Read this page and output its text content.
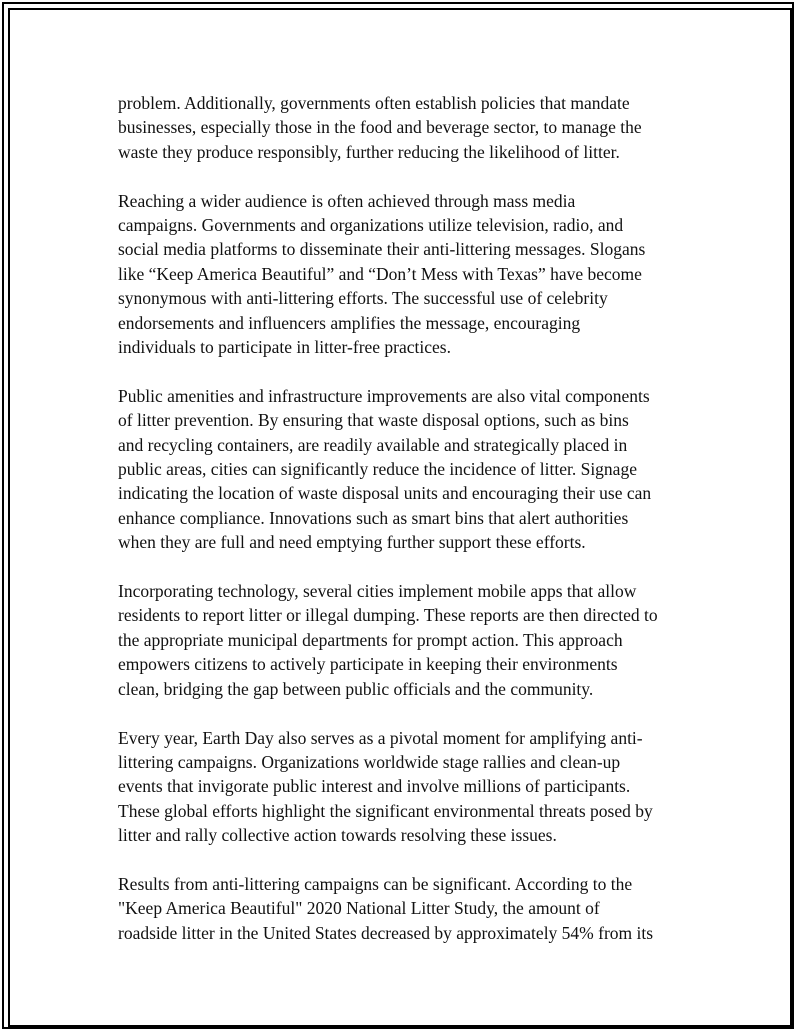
problem. Additionally, governments often establish policies that mandate
businesses, especially those in the food and beverage sector, to manage the
waste they produce responsibly, further reducing the likelihood of litter.

Reaching a wider audience is often achieved through mass media
campaigns. Governments and organizations utilize television, radio, and
social media platforms to disseminate their anti-littering messages. Slogans
like “Keep America Beautiful” and “Don’t Mess with Texas” have become
synonymous with anti-littering efforts. The successful use of celebrity
endorsements and influencers amplifies the message, encouraging
individuals to participate in litter-free practices.

Public amenities and infrastructure improvements are also vital components
of litter prevention. By ensuring that waste disposal options, such as bins
and recycling containers, are readily available and strategically placed in
public areas, cities can significantly reduce the incidence of litter. Signage
indicating the location of waste disposal units and encouraging their use can
enhance compliance. Innovations such as smart bins that alert authorities
when they are full and need emptying further support these efforts.

Incorporating technology, several cities implement mobile apps that allow
residents to report litter or illegal dumping. These reports are then directed to
the appropriate municipal departments for prompt action. This approach
empowers citizens to actively participate in keeping their environments
clean, bridging the gap between public officials and the community.

Every year, Earth Day also serves as a pivotal moment for amplifying anti-
littering campaigns. Organizations worldwide stage rallies and clean-up
events that invigorate public interest and involve millions of participants.
These global efforts highlight the significant environmental threats posed by
litter and rally collective action towards resolving these issues.

Results from anti-littering campaigns can be significant. According to the
"Keep America Beautiful" 2020 National Litter Study, the amount of
roadside litter in the United States decreased by approximately 54% from its
